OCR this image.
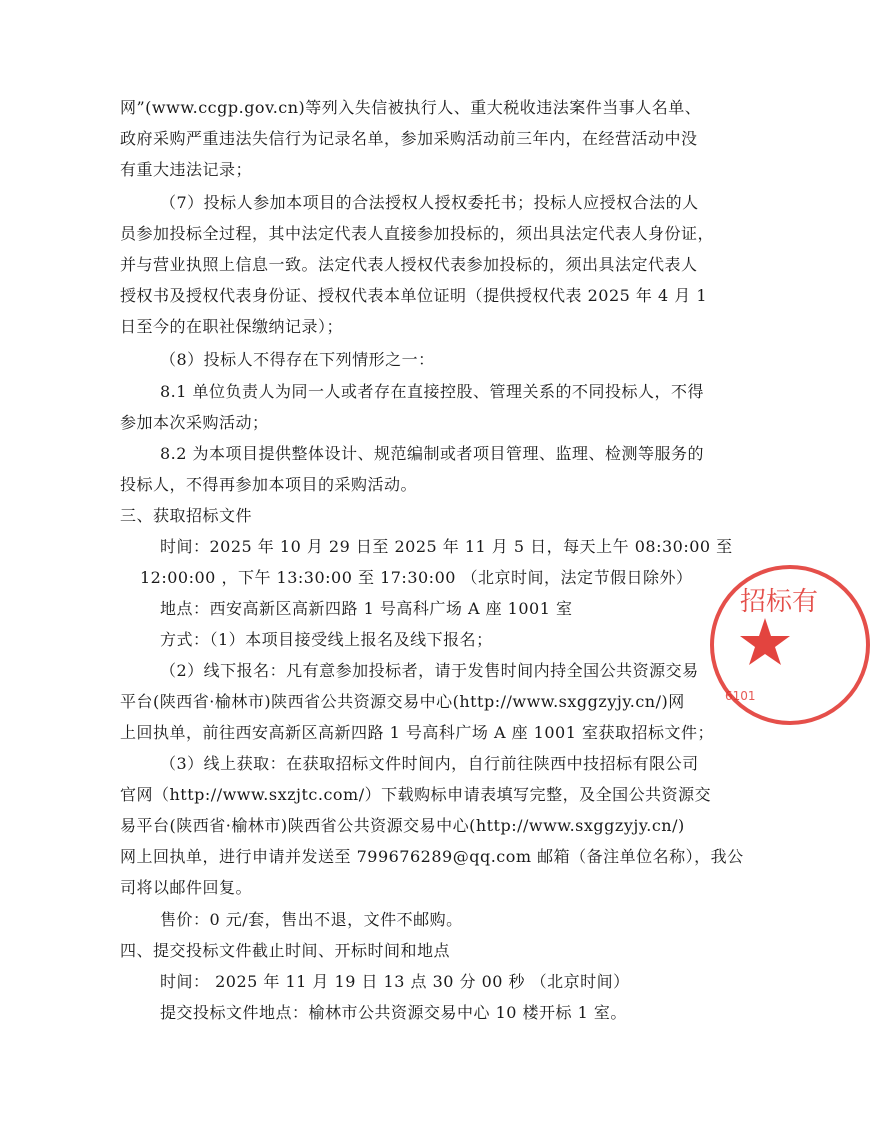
网”(www.ccgp.gov.cn)等列入失信被执行人、重大税收违法案件当事人名单、
政府采购严重违法失信行为记录名单，参加采购活动前三年内，在经营活动中没
有重大违法记录；
（7）投标人参加本项目的合法授权人授权委托书；投标人应授权合法的人
员参加投标全过程，其中法定代表人直接参加投标的，须出具法定代表人身份证，
并与营业执照上信息一致。法定代表人授权代表参加投标的，须出具法定代表人
授权书及授权代表身份证、授权代表本单位证明（提供授权代表 2025 年 4 月 1
日至今的在职社保缴纳记录）；
（8）投标人不得存在下列情形之一：
8.1 单位负责人为同一人或者存在直接控股、管理关系的不同投标人，不得
参加本次采购活动；
8.2 为本项目提供整体设计、规范编制或者项目管理、监理、检测等服务的
投标人，不得再参加本项目的采购活动。
三、获取招标文件
时间：2025 年 10 月 29 日至 2025 年 11 月 5 日，每天上午 08:30:00 至
12:00:00 ，下午 13:30:00 至 17:30:00 （北京时间，法定节假日除外）
地点：西安高新区高新四路 1 号高科广场 A 座 1001 室
方式：（1）本项目接受线上报名及线下报名；
（2）线下报名：凡有意参加投标者，请于发售时间内持全国公共资源交易
平台(陕西省·榆林市)陕西省公共资源交易中心(http://www.sxggzyjy.cn/)网
上回执单，前往西安高新区高新四路 1 号高科广场 A 座 1001 室获取招标文件；
（3）线上获取：在获取招标文件时间内，自行前往陕西中技招标有限公司
官网（http://www.sxzjtc.com/）下载购标申请表填写完整，及全国公共资源交
易平台(陕西省·榆林市)陕西省公共资源交易中心(http://www.sxggzyjy.cn/)
网上回执单，进行申请并发送至 799676289@qq.com 邮箱（备注单位名称），我公
司将以邮件回复。
售价：0 元/套，售出不退，文件不邮购。
四、提交投标文件截止时间、开标时间和地点
时间： 2025 年 11 月 19 日 13 点 30 分 00 秒 （北京时间）
提交投标文件地点：榆林市公共资源交易中心 10 楼开标 1 室。
招标有
6101
